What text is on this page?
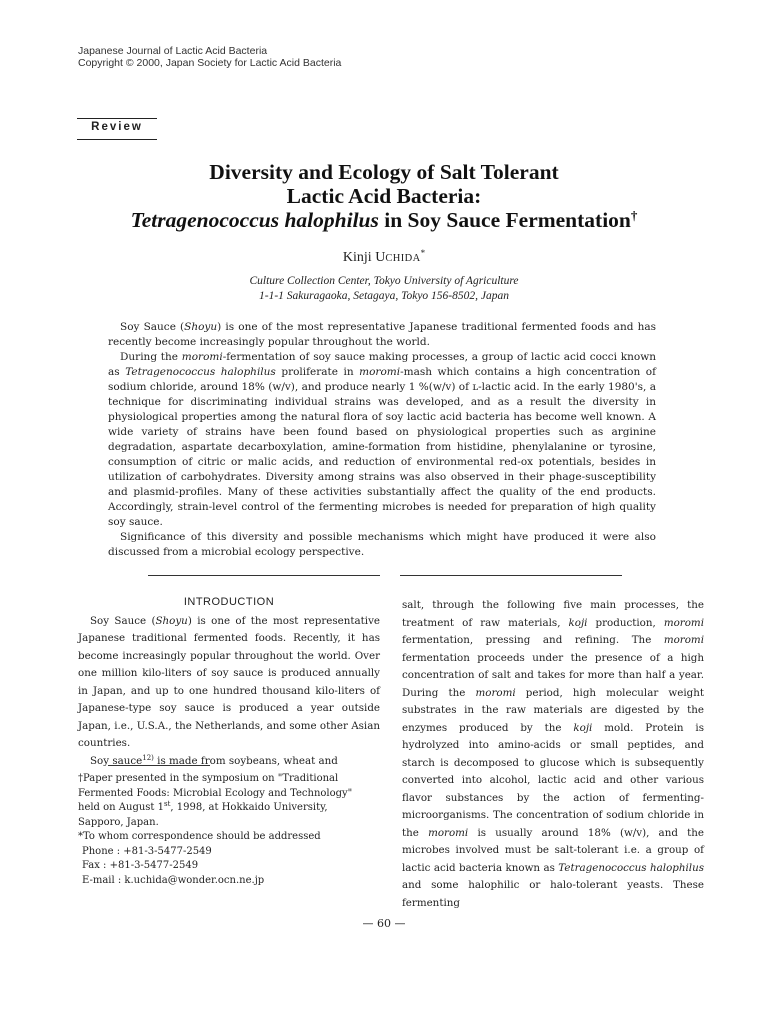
Japanese Journal of Lactic Acid Bacteria
Copyright © 2000, Japan Society for Lactic Acid Bacteria
Review
Diversity and Ecology of Salt Tolerant
Lactic Acid Bacteria:
Tetragenococcus halophilus in Soy Sauce Fermentation†
Kinji UCHIDA*
Culture Collection Center, Tokyo University of Agriculture
1-1-1 Sakuragaoka, Setagaya, Tokyo 156-8502, Japan

Soy Sauce (Shoyu) is one of the most representative Japanese traditional fermented foods and has recently become increasingly popular throughout the world.

During the moromi-fermentation of soy sauce making processes, a group of lactic acid cocci known as Tetragenococcus halophilus proliferate in moromi-mash which contains a high concentration of sodium chloride, around 18% (w/v), and produce nearly 1 %(w/v) of ʟ-lactic acid. In the early 1980's, a technique for discriminating individual strains was developed, and as a result the diversity in physiological properties among the natural flora of soy lactic acid bacteria has become well known. A wide variety of strains have been found based on physiological properties such as arginine degradation, aspartate decarboxylation, amine-formation from histidine, phenylalanine or tyrosine, consumption of citric or malic acids, and reduction of environmental red-ox potentials, besides in utilization of carbohydrates. Diversity among strains was also observed in their phage-susceptibility and plasmid-profiles. Many of these activities substantially affect the quality of the end products. Accordingly, strain-level control of the fermenting microbes is needed for preparation of high quality soy sauce.

Significance of this diversity and possible mechanisms which might have produced it were also discussed from a microbial ecology perspective.

INTRODUCTION

Soy Sauce (Shoyu) is one of the most representative Japanese traditional fermented foods. Recently, it has become increasingly popular throughout the world. Over one million kilo-liters of soy sauce is produced annually in Japan, and up to one hundred thousand kilo-liters of Japanese-type soy sauce is produced a year outside Japan, i.e., U.S.A., the Netherlands, and some other Asian countries.

Soy sauce$^{12)}$ is made from soybeans, wheat and

†Paper presented in the symposium on "Traditional Fermented Foods: Microbial Ecology and Technology" held on August 1st, 1998, at Hokkaido University, Sapporo, Japan.

*To whom correspondence should be addressed

Phone : +81-3-5477-2549

Fax : +81-3-5477-2549

E-mail : k.uchida@wonder.ocn.ne.jp

salt, through the following five main processes, the treatment of raw materials, koji production, moromi fermentation, pressing and refining. The moromi fermentation proceeds under the presence of a high concentration of salt and takes for more than half a year. During the moromi period, high molecular weight substrates in the raw materials are digested by the enzymes produced by the koji mold. Protein is hydrolyzed into amino-acids or small peptides, and starch is decomposed to glucose which is subsequently converted into alcohol, lactic acid and other various flavor substances by the action of fermenting-microorganisms. The concentration of sodium chloride in the moromi is usually around 18% (w/v), and the microbes involved must be salt-tolerant i.e. a group of lactic acid bacteria known as Tetragenococcus halophilus and some halophilic or halo-tolerant yeasts. These fermenting

— 60 —
